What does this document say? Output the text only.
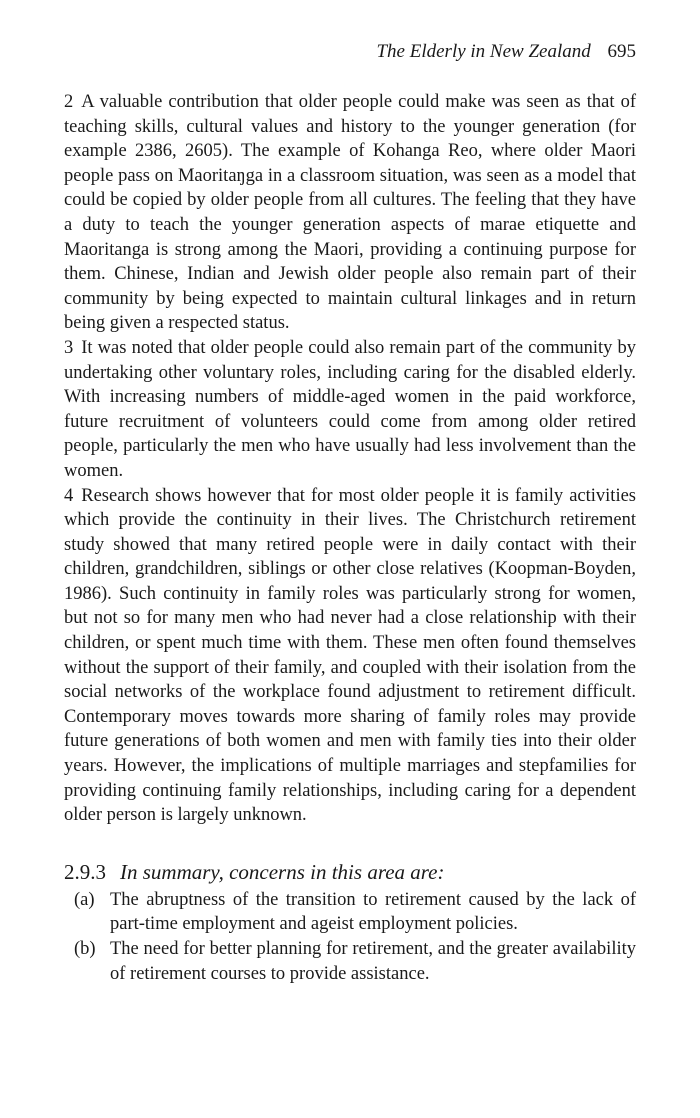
The Elderly in New Zealand 695

2 A valuable contribution that older people could make was seen as that of teaching skills, cultural values and history to the younger generation (for example 2386, 2605). The example of Kohanga Reo, where older Maori people pass on Maoritaŋga in a classroom situation, was seen as a model that could be copied by older people from all cultures. The feeling that they have a duty to teach the younger generation aspects of marae etiquette and Maoritanga is strong among the Maori, providing a continuing purpose for them. Chinese, Indian and Jewish older people also remain part of their community by being expected to maintain cultural linkages and in return being given a respected status.

3 It was noted that older people could also remain part of the community by undertaking other voluntary roles, including caring for the disabled elderly. With increasing numbers of middle-aged women in the paid workforce, future recruitment of volunteers could come from among older retired people, particularly the men who have usually had less involvement than the women.

4 Research shows however that for most older people it is family activities which provide the continuity in their lives. The Christchurch retirement study showed that many retired people were in daily contact with their children, grandchildren, siblings or other close relatives (Koopman-Boyden, 1986). Such continuity in family roles was particularly strong for women, but not so for many men who had never had a close relationship with their children, or spent much time with them. These men often found themselves without the support of their family, and coupled with their isolation from the social networks of the workplace found adjustment to retirement difficult. Contemporary moves towards more sharing of family roles may provide future generations of both women and men with family ties into their older years. However, the implications of multiple marriages and stepfamilies for providing continuing family relationships, including caring for a dependent older person is largely unknown.

2.9.3 In summary, concerns in this area are:
(a) The abruptness of the transition to retirement caused by the lack of part-time employment and ageist employment policies.
(b) The need for better planning for retirement, and the greater availability of retirement courses to provide assistance.
